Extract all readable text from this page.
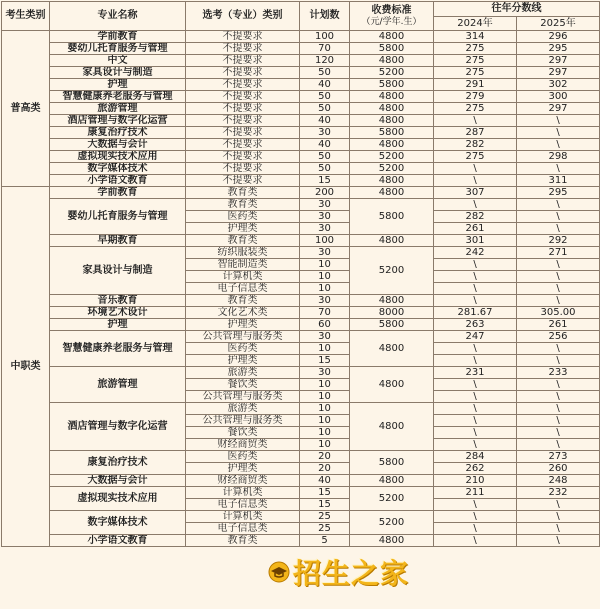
考生类别	专业名称	选考（专业）类别	计划数	收费标准
（元/学年.生）	往年分数线	
					2024年	2025年
普高类	学前教育	不提要求	100	4800	314	296
	婴幼儿托育服务与管理	不提要求	70	5800	275	295
	中文	不提要求	120	4800	275	297
	家具设计与制造	不提要求	50	5200	275	297
	护理	不提要求	40	5800	291	302
	智慧健康养老服务与管理	不提要求	50	4800	279	300
	旅游管理	不提要求	50	4800	275	297
	酒店管理与数字化运营	不提要求	40	4800	\	\
	康复治疗技术	不提要求	30	5800	287	\
	大数据与会计	不提要求	40	4800	282	\
	虚拟现实技术应用	不提要求	50	5200	275	298
	数字媒体技术	不提要求	50	5200	\	\
	小学语文教育	不提要求	15	4800	\	311
中职类	学前教育	教育类	200	4800	307	295
	婴幼儿托育服务与管理	教育类	30	5800	\	\
		医药类	30		282	\
		护理类	30		261	\
	早期教育	教育类	100	4800	301	292
	家具设计与制造	纺织服装类	30	5200	242	271
		智能制造类	10		\	\
		计算机类	10		\	\
		电子信息类	10		\	\
	音乐教育	教育类	30	4800	\	\
	环境艺术设计	文化艺术类	70	8000	281.67	305.00
	护理	护理类	60	5800	263	261
	智慧健康养老服务与管理	公共管理与服务类	30	4800	247	256
		医药类	10		\	\
		护理类	15		\	\
	旅游管理	旅游类	30	4800	231	233
		餐饮类	10		\	\
		公共管理与服务类	10		\	\
	酒店管理与数字化运营	旅游类	10	4800	\	\
		公共管理与服务类	10		\	\
		餐饮类	10		\	\
		财经商贸类	10		\	\
	康复治疗技术	医药类	20	5800	284	273
		护理类	20		262	260
	大数据与会计	财经商贸类	40	4800	210	248
	虚拟现实技术应用	计算机类	15	5200	211	232
		电子信息类	15		\	\
	数字媒体技术	计算机类	25	5200	\	\
		电子信息类	25		\	\
	小学语文教育	教育类	5	4800	\	\
招生之家
